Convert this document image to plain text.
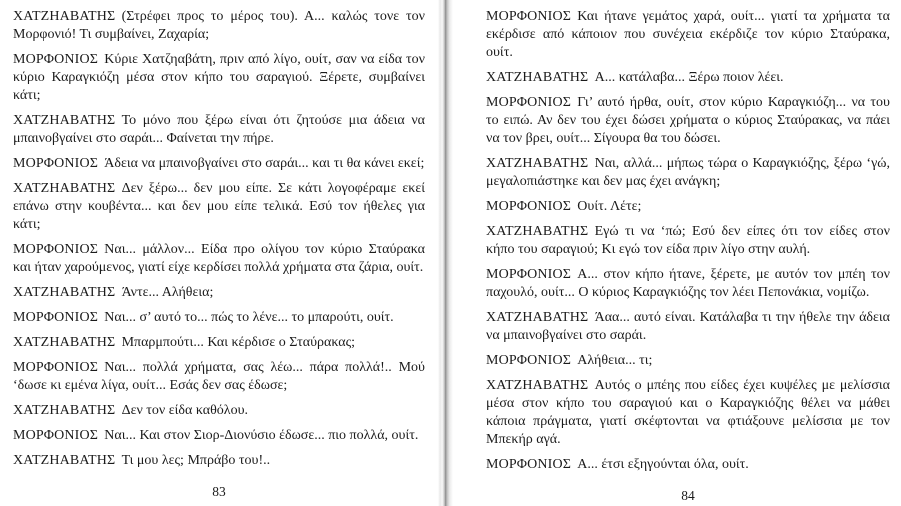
ΧΑΤΖΗΑΒΑΤΗΣ (Στρέφει προς το μέρος του). Α... καλώς τονε τον Μορφονιό! Τι συμβαίνει, Ζαχαρία;

ΜΟΡΦΟΝΙΟΣ Κύριε Χατζηαβάτη, πριν από λίγο, ουίτ, σαν να είδα τον κύριο Καραγκιόζη μέσα στον κήπο του σαραγιού. Ξέρετε, συμβαίνει κάτι;

ΧΑΤΖΗΑΒΑΤΗΣ Το μόνο που ξέρω είναι ότι ζητούσε μια άδεια να μπαινοβγαίνει στο σαράι... Φαίνεται την πήρε.

ΜΟΡΦΟΝΙΟΣ Άδεια να μπαινοβγαίνει στο σαράι... και τι θα κάνει εκεί;

ΧΑΤΖΗΑΒΑΤΗΣ Δεν ξέρω... δεν μου είπε. Σε κάτι λογοφέραμε εκεί επάνω στην κουβέντα... και δεν μου είπε τελικά. Εσύ τον ήθελες για κάτι;

ΜΟΡΦΟΝΙΟΣ Ναι... μάλλον... Είδα προ ολίγου τον κύριο Σταύρακα και ήταν χαρούμενος, γιατί είχε κερδίσει πολλά χρήματα στα ζάρια, ουίτ.

ΧΑΤΖΗΑΒΑΤΗΣ Άντε... Αλήθεια;

ΜΟΡΦΟΝΙΟΣ Ναι... σ’ αυτό το... πώς το λένε... το μπαρούτι, ουίτ.

ΧΑΤΖΗΑΒΑΤΗΣ Μπαρμπούτι... Και κέρδισε ο Σταύρακας;

ΜΟΡΦΟΝΙΟΣ Ναι... πολλά χρήματα, σας λέω... πάρα πολλά!.. Μού ‘δωσε κι εμένα λίγα, ουίτ... Εσάς δεν σας έδωσε;

ΧΑΤΖΗΑΒΑΤΗΣ Δεν τον είδα καθόλου.

ΜΟΡΦΟΝΙΟΣ Ναι... Και στον Σιορ-Διονύσιο έδωσε... πιο πολλά, ουίτ.

ΧΑΤΖΗΑΒΑΤΗΣ Τι μου λες; Μπράβο του!..

83

ΜΟΡΦΟΝΙΟΣ Και ήτανε γεμάτος χαρά, ουίτ... γιατί τα χρήματα τα εκέρδισε από κάποιον που συνέχεια εκέρδιζε τον κύριο Σταύρακα, ουίτ.

ΧΑΤΖΗΑΒΑΤΗΣ Α... κατάλαβα... Ξέρω ποιον λέει.

ΜΟΡΦΟΝΙΟΣ Γι’ αυτό ήρθα, ουίτ, στον κύριο Καραγκιόζη... να του το ειπώ. Αν δεν του έχει δώσει χρήματα ο κύριος Σταύρακας, να πάει να τον βρει, ουίτ... Σίγουρα θα του δώσει.

ΧΑΤΖΗΑΒΑΤΗΣ Ναι, αλλά... μήπως τώρα ο Καραγκιόζης, ξέρω ‘γώ, μεγαλοπιάστηκε και δεν μας έχει ανάγκη;

ΜΟΡΦΟΝΙΟΣ Ουίτ. Λέτε;

ΧΑΤΖΗΑΒΑΤΗΣ Εγώ τι να ‘πώ; Εσύ δεν είπες ότι τον είδες στον κήπο του σαραγιού; Κι εγώ τον είδα πριν λίγο στην αυλή.

ΜΟΡΦΟΝΙΟΣ Α... στον κήπο ήτανε, ξέρετε, με αυτόν τον μπέη τον παχουλό, ουίτ... Ο κύριος Καραγκιόζης τον λέει Πεπονάκια, νομίζω.

ΧΑΤΖΗΑΒΑΤΗΣ Άαα... αυτό είναι. Κατάλαβα τι την ήθελε την άδεια να μπαινοβγαίνει στο σαράι.

ΜΟΡΦΟΝΙΟΣ Αλήθεια... τι;

ΧΑΤΖΗΑΒΑΤΗΣ Αυτός ο μπέης που είδες έχει κυψέλες με μελίσσια μέσα στον κήπο του σαραγιού και ο Καραγκιόζης θέλει να μάθει κάποια πράγματα, γιατί σκέφτονται να φτιάξουνε μελίσσια με τον Μπεκήρ αγά.

ΜΟΡΦΟΝΙΟΣ Α... έτσι εξηγούνται όλα, ουίτ.

84
